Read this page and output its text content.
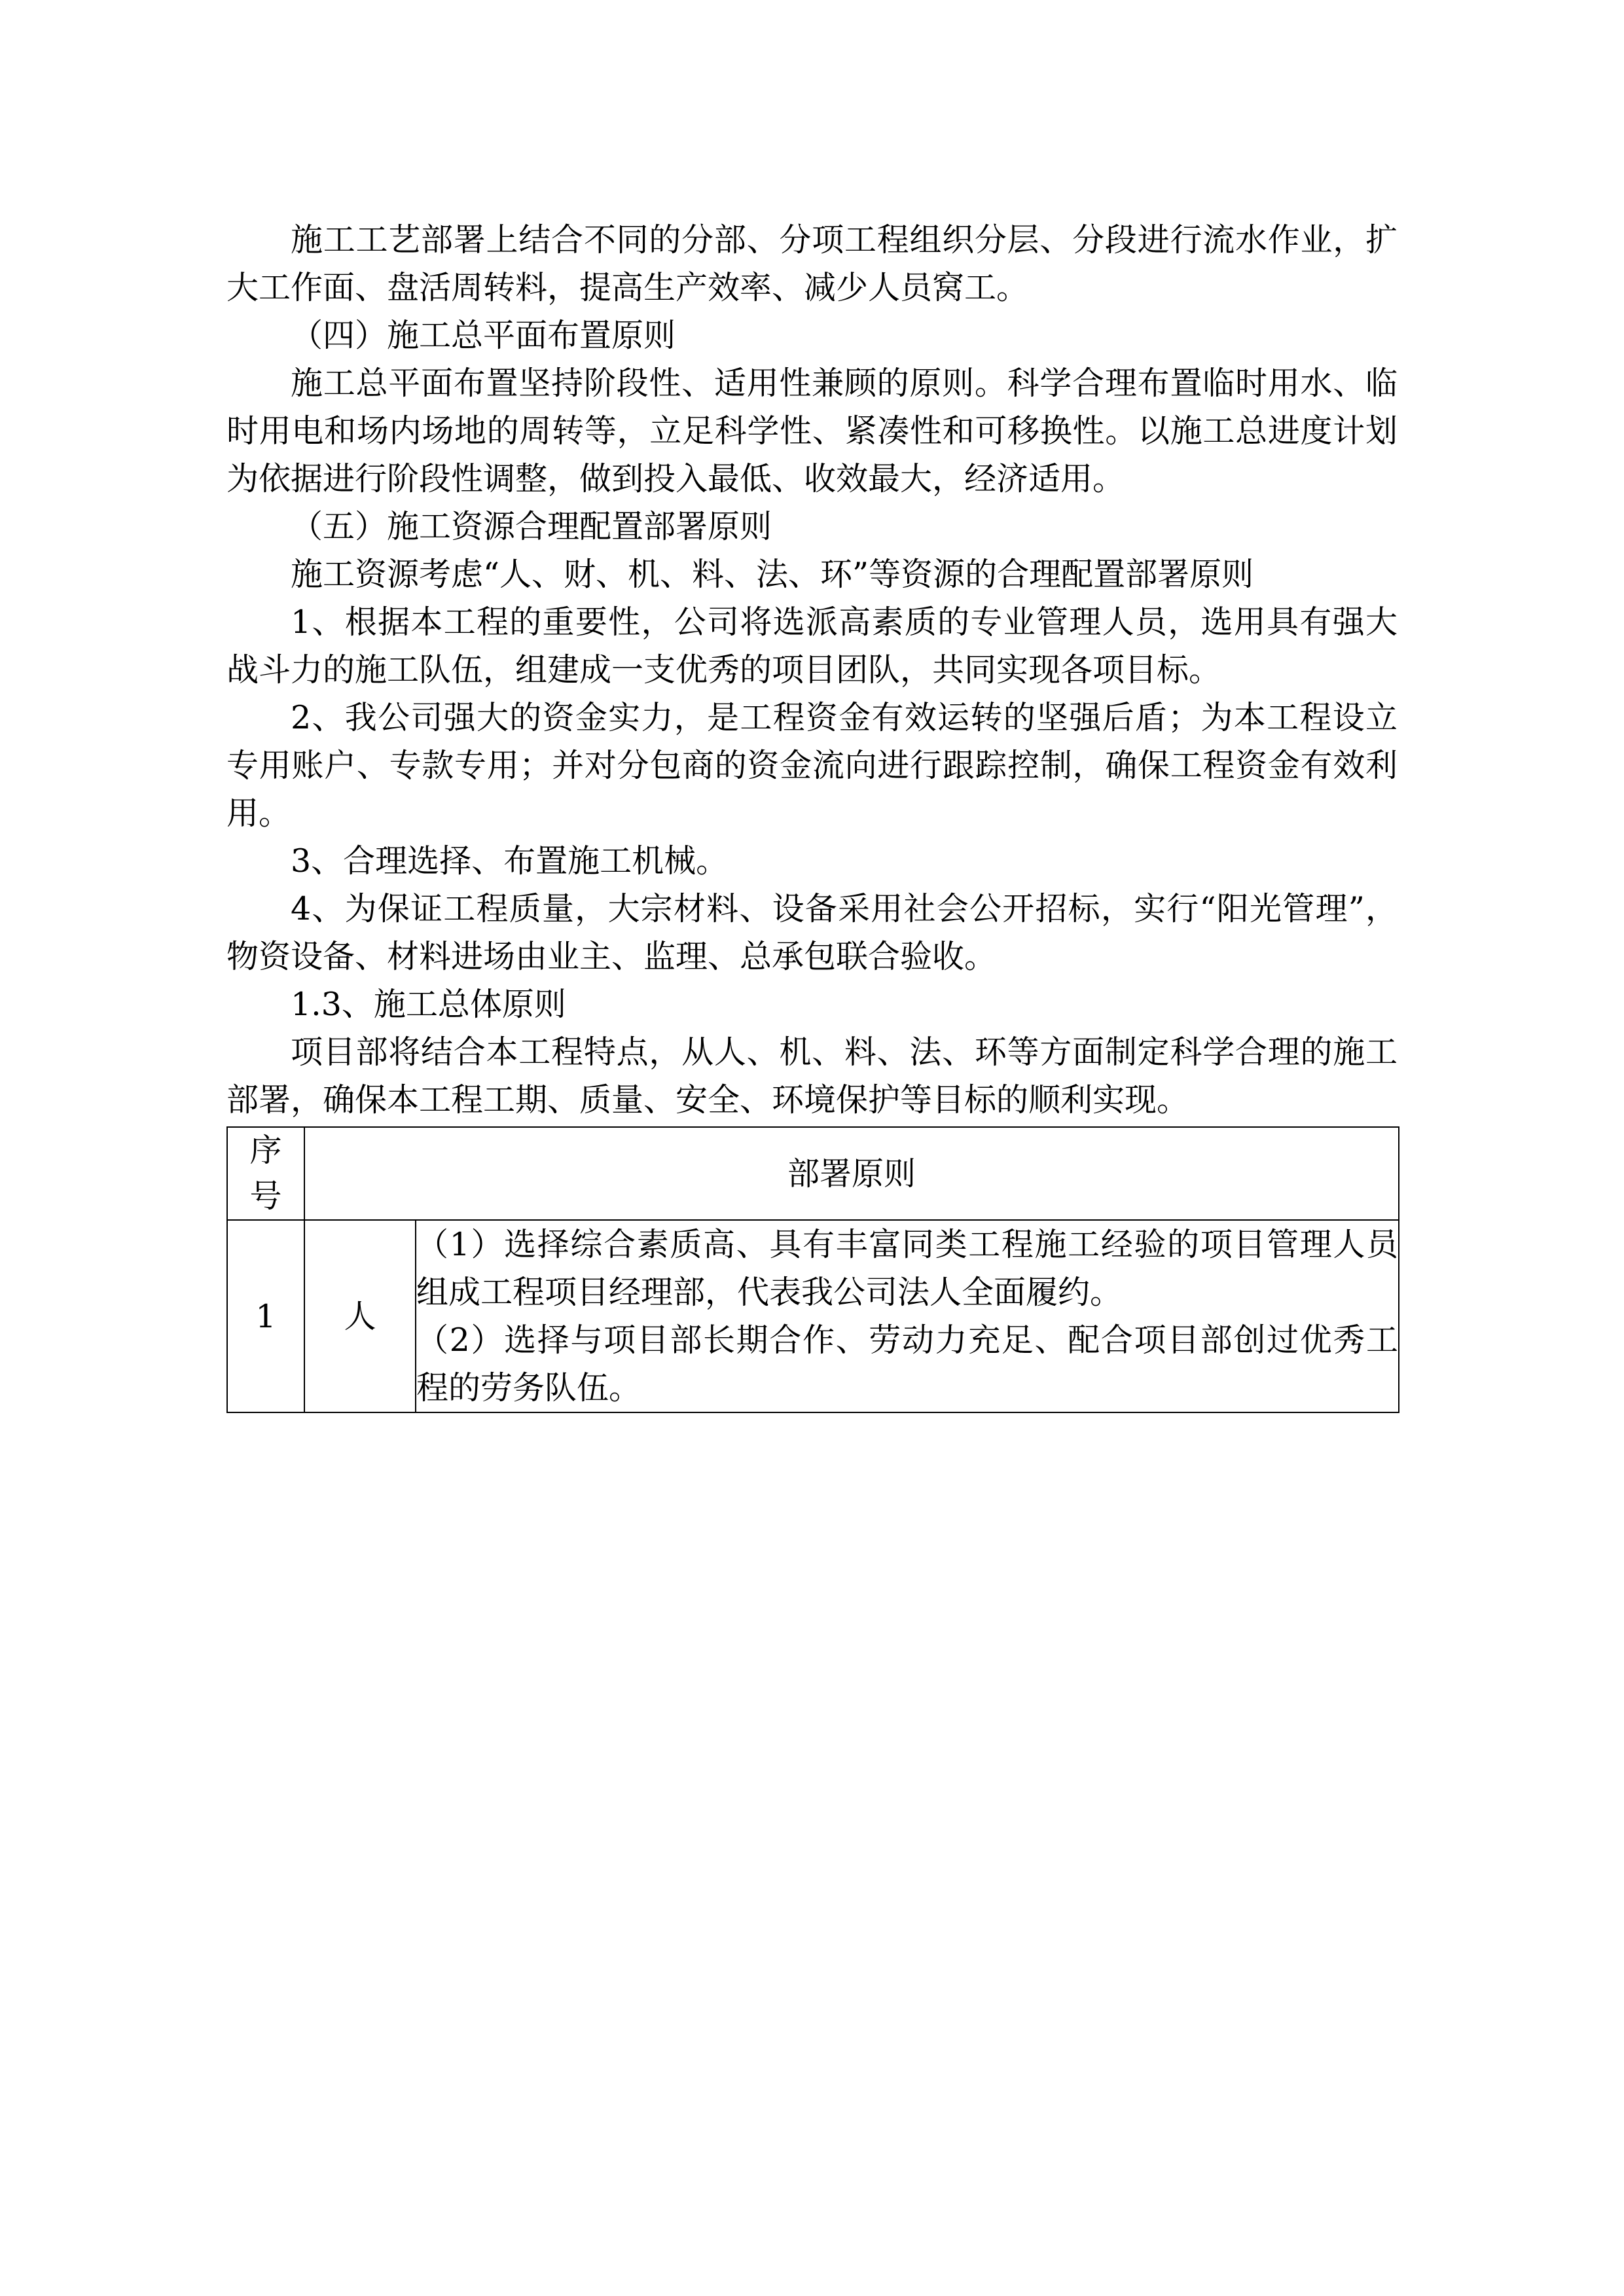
施工工艺部署上结合不同的分部、分项工程组织分层、分段进行流水作业，扩大工作面、盘活周转料，提高生产效率、减少人员窝工。

（四）施工总平面布置原则

施工总平面布置坚持阶段性、适用性兼顾的原则。科学合理布置临时用水、临时用电和场内场地的周转等，立足科学性、紧凑性和可移换性。以施工总进度计划为依据进行阶段性调整，做到投入最低、收效最大，经济适用。

（五）施工资源合理配置部署原则

施工资源考虑“人、财、机、料、法、环”等资源的合理配置部署原则

1、根据本工程的重要性，公司将选派高素质的专业管理人员，选用具有强大战斗力的施工队伍，组建成一支优秀的项目团队，共同实现各项目标。

2、我公司强大的资金实力，是工程资金有效运转的坚强后盾；为本工程设立专用账户、专款专用；并对分包商的资金流向进行跟踪控制，确保工程资金有效利用。

3、合理选择、布置施工机械。

4、为保证工程质量，大宗材料、设备采用社会公开招标，实行“阳光管理”，物资设备、材料进场由业主、监理、总承包联合验收。

1.3、施工总体原则

项目部将结合本工程特点，从人、机、料、法、环等方面制定科学合理的施工部署，确保本工程工期、质量、安全、环境保护等目标的顺利实现。

序
号	部署原则	
1	人	（1）选择综合素质高、具有丰富同类工程施工经验的项目管理人员组成工程项目经理部，代表我公司法人全面履约。
（2）选择与项目部长期合作、劳动力充足、配合项目部创过优秀工程的劳务队伍。
